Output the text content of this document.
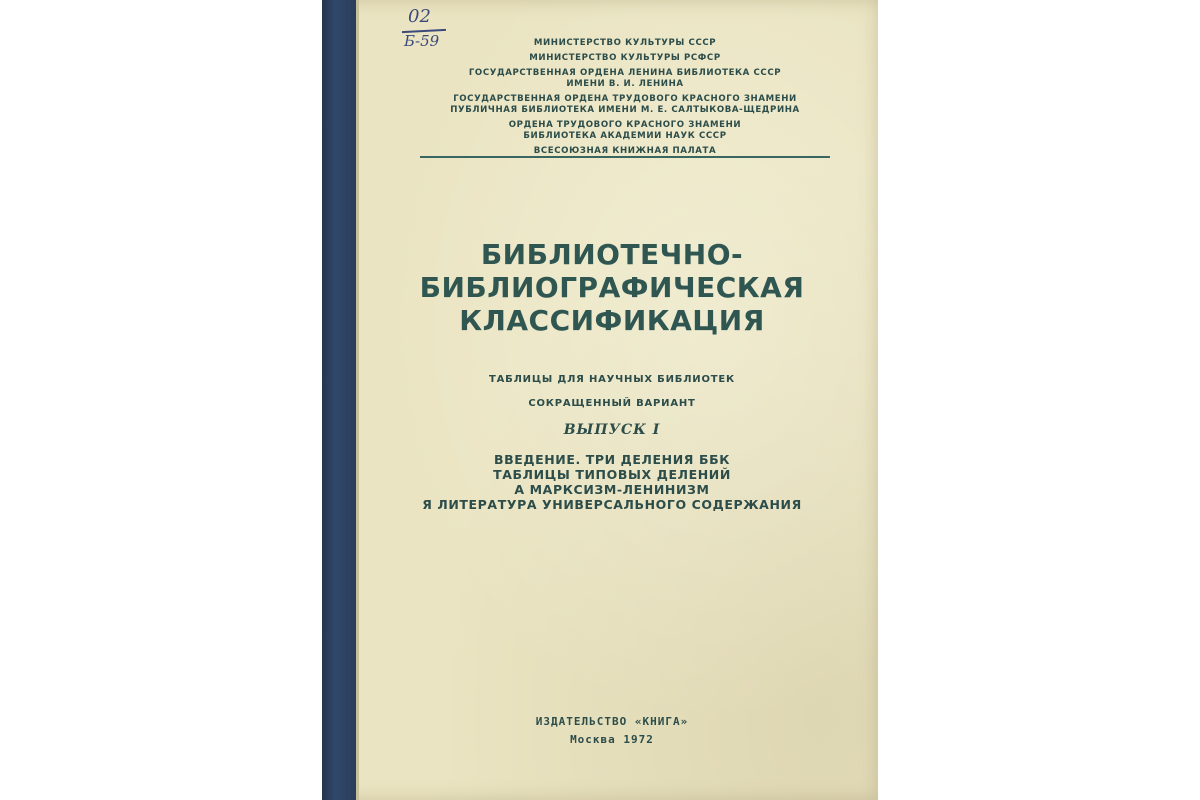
02
Б-59	МИНИСТЕРСТВО КУЛЬТУРЫ СССР
МИНИСТЕРСТВО КУЛЬТУРЫ РСФСР
ГОСУДАРСТВЕННАЯ ОРДЕНА ЛЕНИНА БИБЛИОТЕКА СССР
ИМЕНИ В. И. ЛЕНИНА
ГОСУДАРСТВЕННАЯ ОРДЕНА ТРУДОВОГО КРАСНОГО ЗНАМЕНИ
ПУБЛИЧНАЯ БИБЛИОТЕКА ИМЕНИ М. Е. САЛТЫКОВА-ЩЕДРИНА
ОРДЕНА ТРУДОВОГО КРАСНОГО ЗНАМЕНИ
БИБЛИОТЕКА АКАДЕМИИ НАУК СССР
ВСЕСОЮЗНАЯ КНИЖНАЯ ПАЛАТА
БИБЛИОТЕЧНО-
БИБЛИОГРАФИЧЕСКАЯ
КЛАССИФИКАЦИЯ
ТАБЛИЦЫ ДЛЯ НАУЧНЫХ БИБЛИОТЕК
СОКРАЩЕННЫЙ ВАРИАНТ
ВЫПУСК I
ВВЕДЕНИЕ. ТРИ ДЕЛЕНИЯ ББК
ТАБЛИЦЫ ТИПОВЫХ ДЕЛЕНИЙ
А МАРКСИЗМ-ЛЕНИНИЗМ
Я ЛИТЕРАТУРА УНИВЕРСАЛЬНОГО СОДЕРЖАНИЯ
ИЗДАТЕЛЬСТВО «КНИГА»
Москва 1972
